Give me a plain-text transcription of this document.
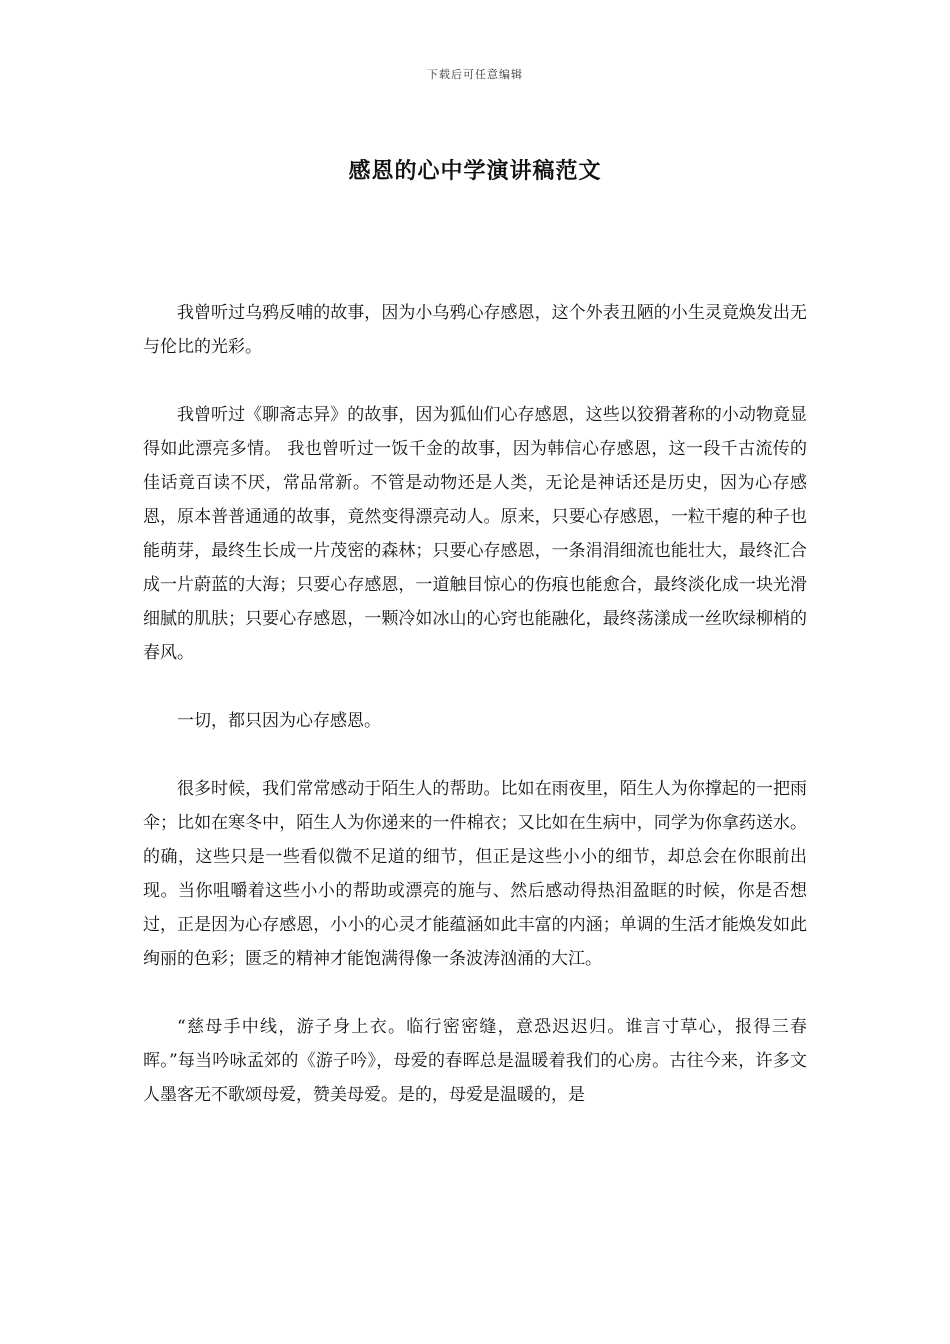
下载后可任意编辑
感恩的心中学演讲稿范文

我曾听过乌鸦反哺的故事，因为小乌鸦心存感恩，这个外表丑陋的小生灵竟焕发出无与伦比的光彩。

我曾听过《聊斋志异》的故事，因为狐仙们心存感恩，这些以狡猾著称的小动物竟显得如此漂亮多情。 我也曾听过一饭千金的故事，因为韩信心存感恩，这一段千古流传的佳话竟百读不厌，常品常新。不管是动物还是人类，无论是神话还是历史，因为心存感恩，原本普普通通的故事，竟然变得漂亮动人。原来，只要心存感恩，一粒干瘪的种子也能萌芽，最终生长成一片茂密的森林；只要心存感恩，一条涓涓细流也能壮大，最终汇合成一片蔚蓝的大海；只要心存感恩，一道触目惊心的伤痕也能愈合，最终淡化成一块光滑细腻的肌肤；只要心存感恩，一颗冷如冰山的心窍也能融化，最终荡漾成一丝吹绿柳梢的春风。

一切，都只因为心存感恩。

很多时候，我们常常感动于陌生人的帮助。比如在雨夜里，陌生人为你撑起的一把雨伞；比如在寒冬中，陌生人为你递来的一件棉衣；又比如在生病中，同学为你拿药送水。的确，这些只是一些看似微不足道的细节，但正是这些小小的细节，却总会在你眼前出现。当你咀嚼着这些小小的帮助或漂亮的施与、然后感动得热泪盈眶的时候，你是否想过，正是因为心存感恩，小小的心灵才能蕴涵如此丰富的内涵；单调的生活才能焕发如此绚丽的色彩；匮乏的精神才能饱满得像一条波涛汹涌的大江。

“慈母手中线，游子身上衣。临行密密缝，意恐迟迟归。谁言寸草心，报得三春晖。”每当吟咏孟郊的《游子吟》，母爱的春晖总是温暖着我们的心房。古往今来，许多文人墨客无不歌颂母爱，赞美母爱。是的，母爱是温暖的，是
